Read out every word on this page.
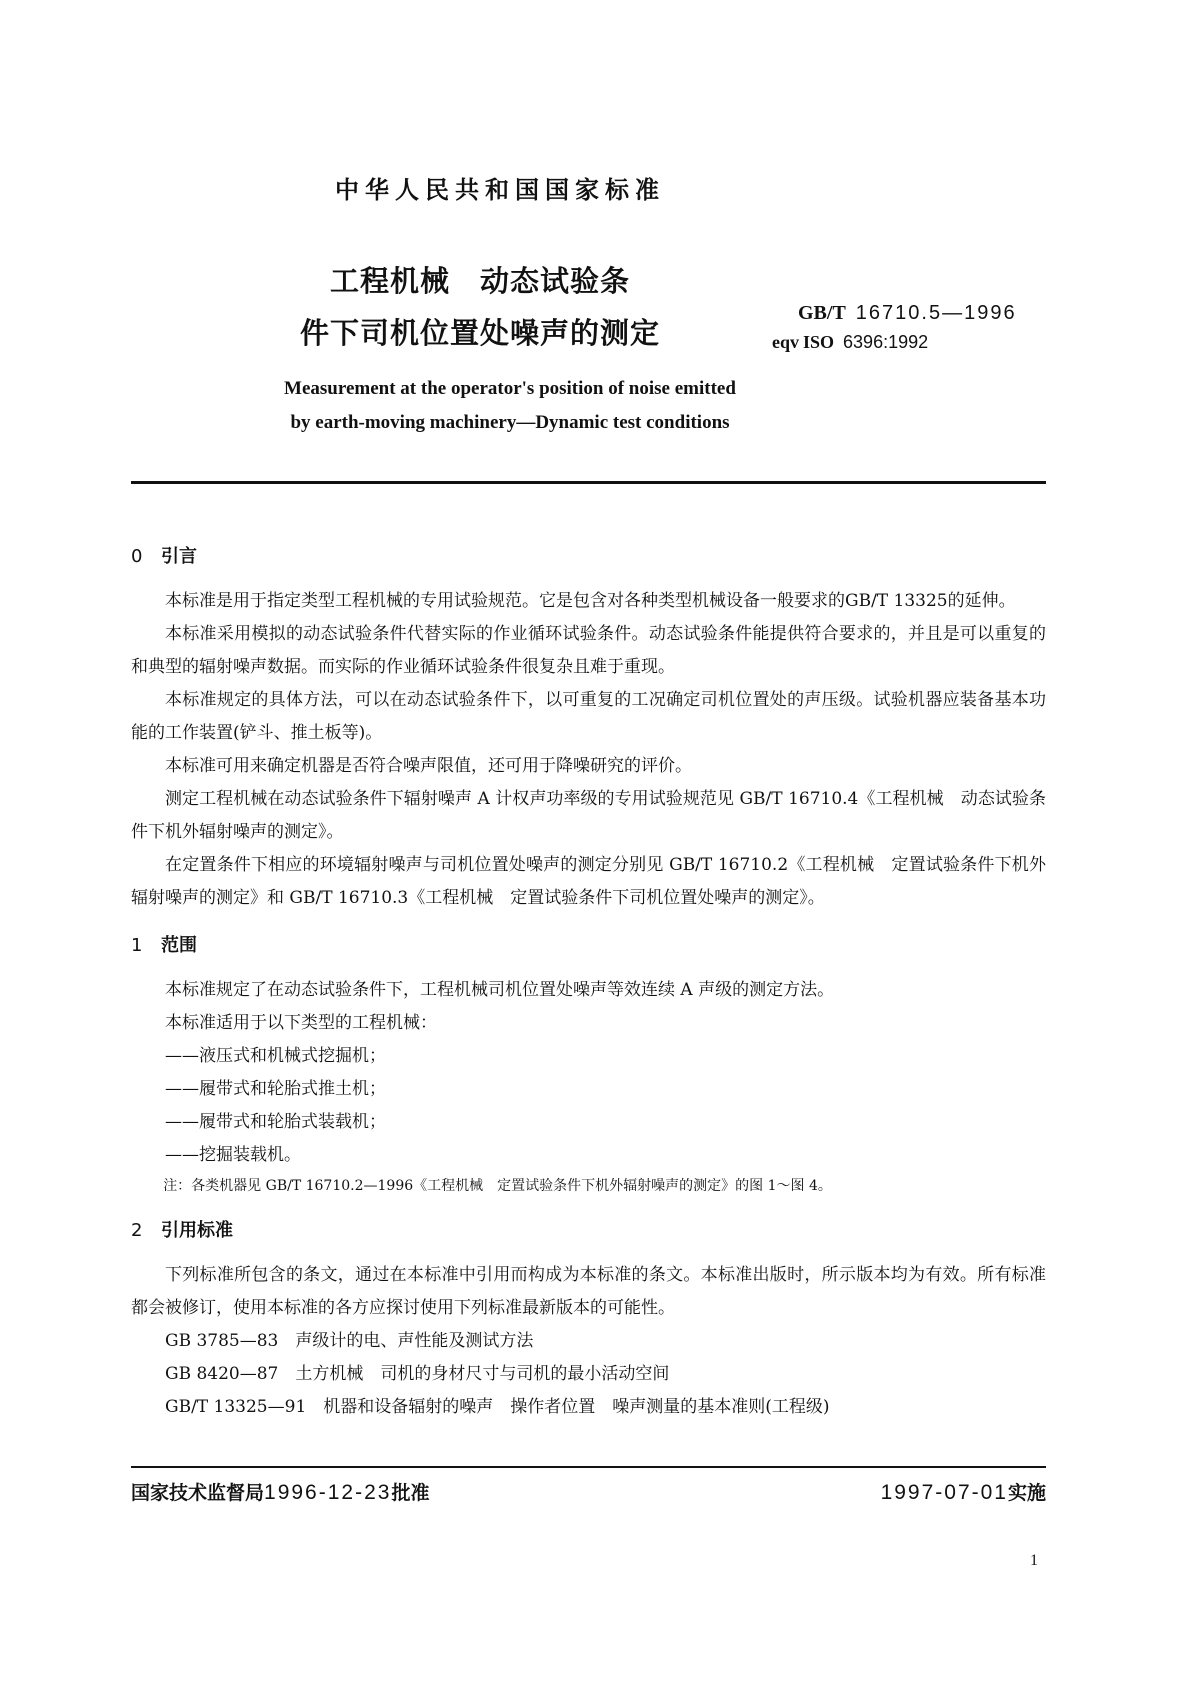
中华人民共和国国家标准
工程机械　动态试验条
件下司机位置处噪声的测定
GB/T 16710.5—1996
eqv ISO 6396:1992
Measurement at the operator's position of noise emitted
by earth-moving machinery—Dynamic test conditions
0 引言

本标准是用于指定类型工程机械的专用试验规范。它是包含对各种类型机械设备一般要求的GB/T 13325的延伸。

本标准采用模拟的动态试验条件代替实际的作业循环试验条件。动态试验条件能提供符合要求的，并且是可以重复的和典型的辐射噪声数据。而实际的作业循环试验条件很复杂且难于重现。

本标准规定的具体方法，可以在动态试验条件下，以可重复的工况确定司机位置处的声压级。试验机器应装备基本功能的工作装置(铲斗、推土板等)。

本标准可用来确定机器是否符合噪声限值，还可用于降噪研究的评价。

测定工程机械在动态试验条件下辐射噪声 A 计权声功率级的专用试验规范见 GB/T 16710.4《工程机械　动态试验条件下机外辐射噪声的测定》。

在定置条件下相应的环境辐射噪声与司机位置处噪声的测定分别见 GB/T 16710.2《工程机械　定置试验条件下机外辐射噪声的测定》和 GB/T 16710.3《工程机械　定置试验条件下司机位置处噪声的测定》。

1 范围

本标准规定了在动态试验条件下，工程机械司机位置处噪声等效连续 A 声级的测定方法。

本标准适用于以下类型的工程机械：

——液压式和机械式挖掘机；
——履带式和轮胎式推土机；
——履带式和轮胎式装载机；
——挖掘装载机。
注：各类机器见 GB/T 16710.2—1996《工程机械　定置试验条件下机外辐射噪声的测定》的图 1～图 4。
2 引用标准

下列标准所包含的条文，通过在本标准中引用而构成为本标准的条文。本标准出版时，所示版本均为有效。所有标准都会被修订，使用本标准的各方应探讨使用下列标准最新版本的可能性。

GB 3785—83　声级计的电、声性能及测试方法
GB 8420—87　土方机械　司机的身材尺寸与司机的最小活动空间
GB/T 13325—91　机器和设备辐射的噪声　操作者位置　噪声测量的基本准则(工程级)
国家技术监督局1996-12-23批准	1997-07-01实施
1
